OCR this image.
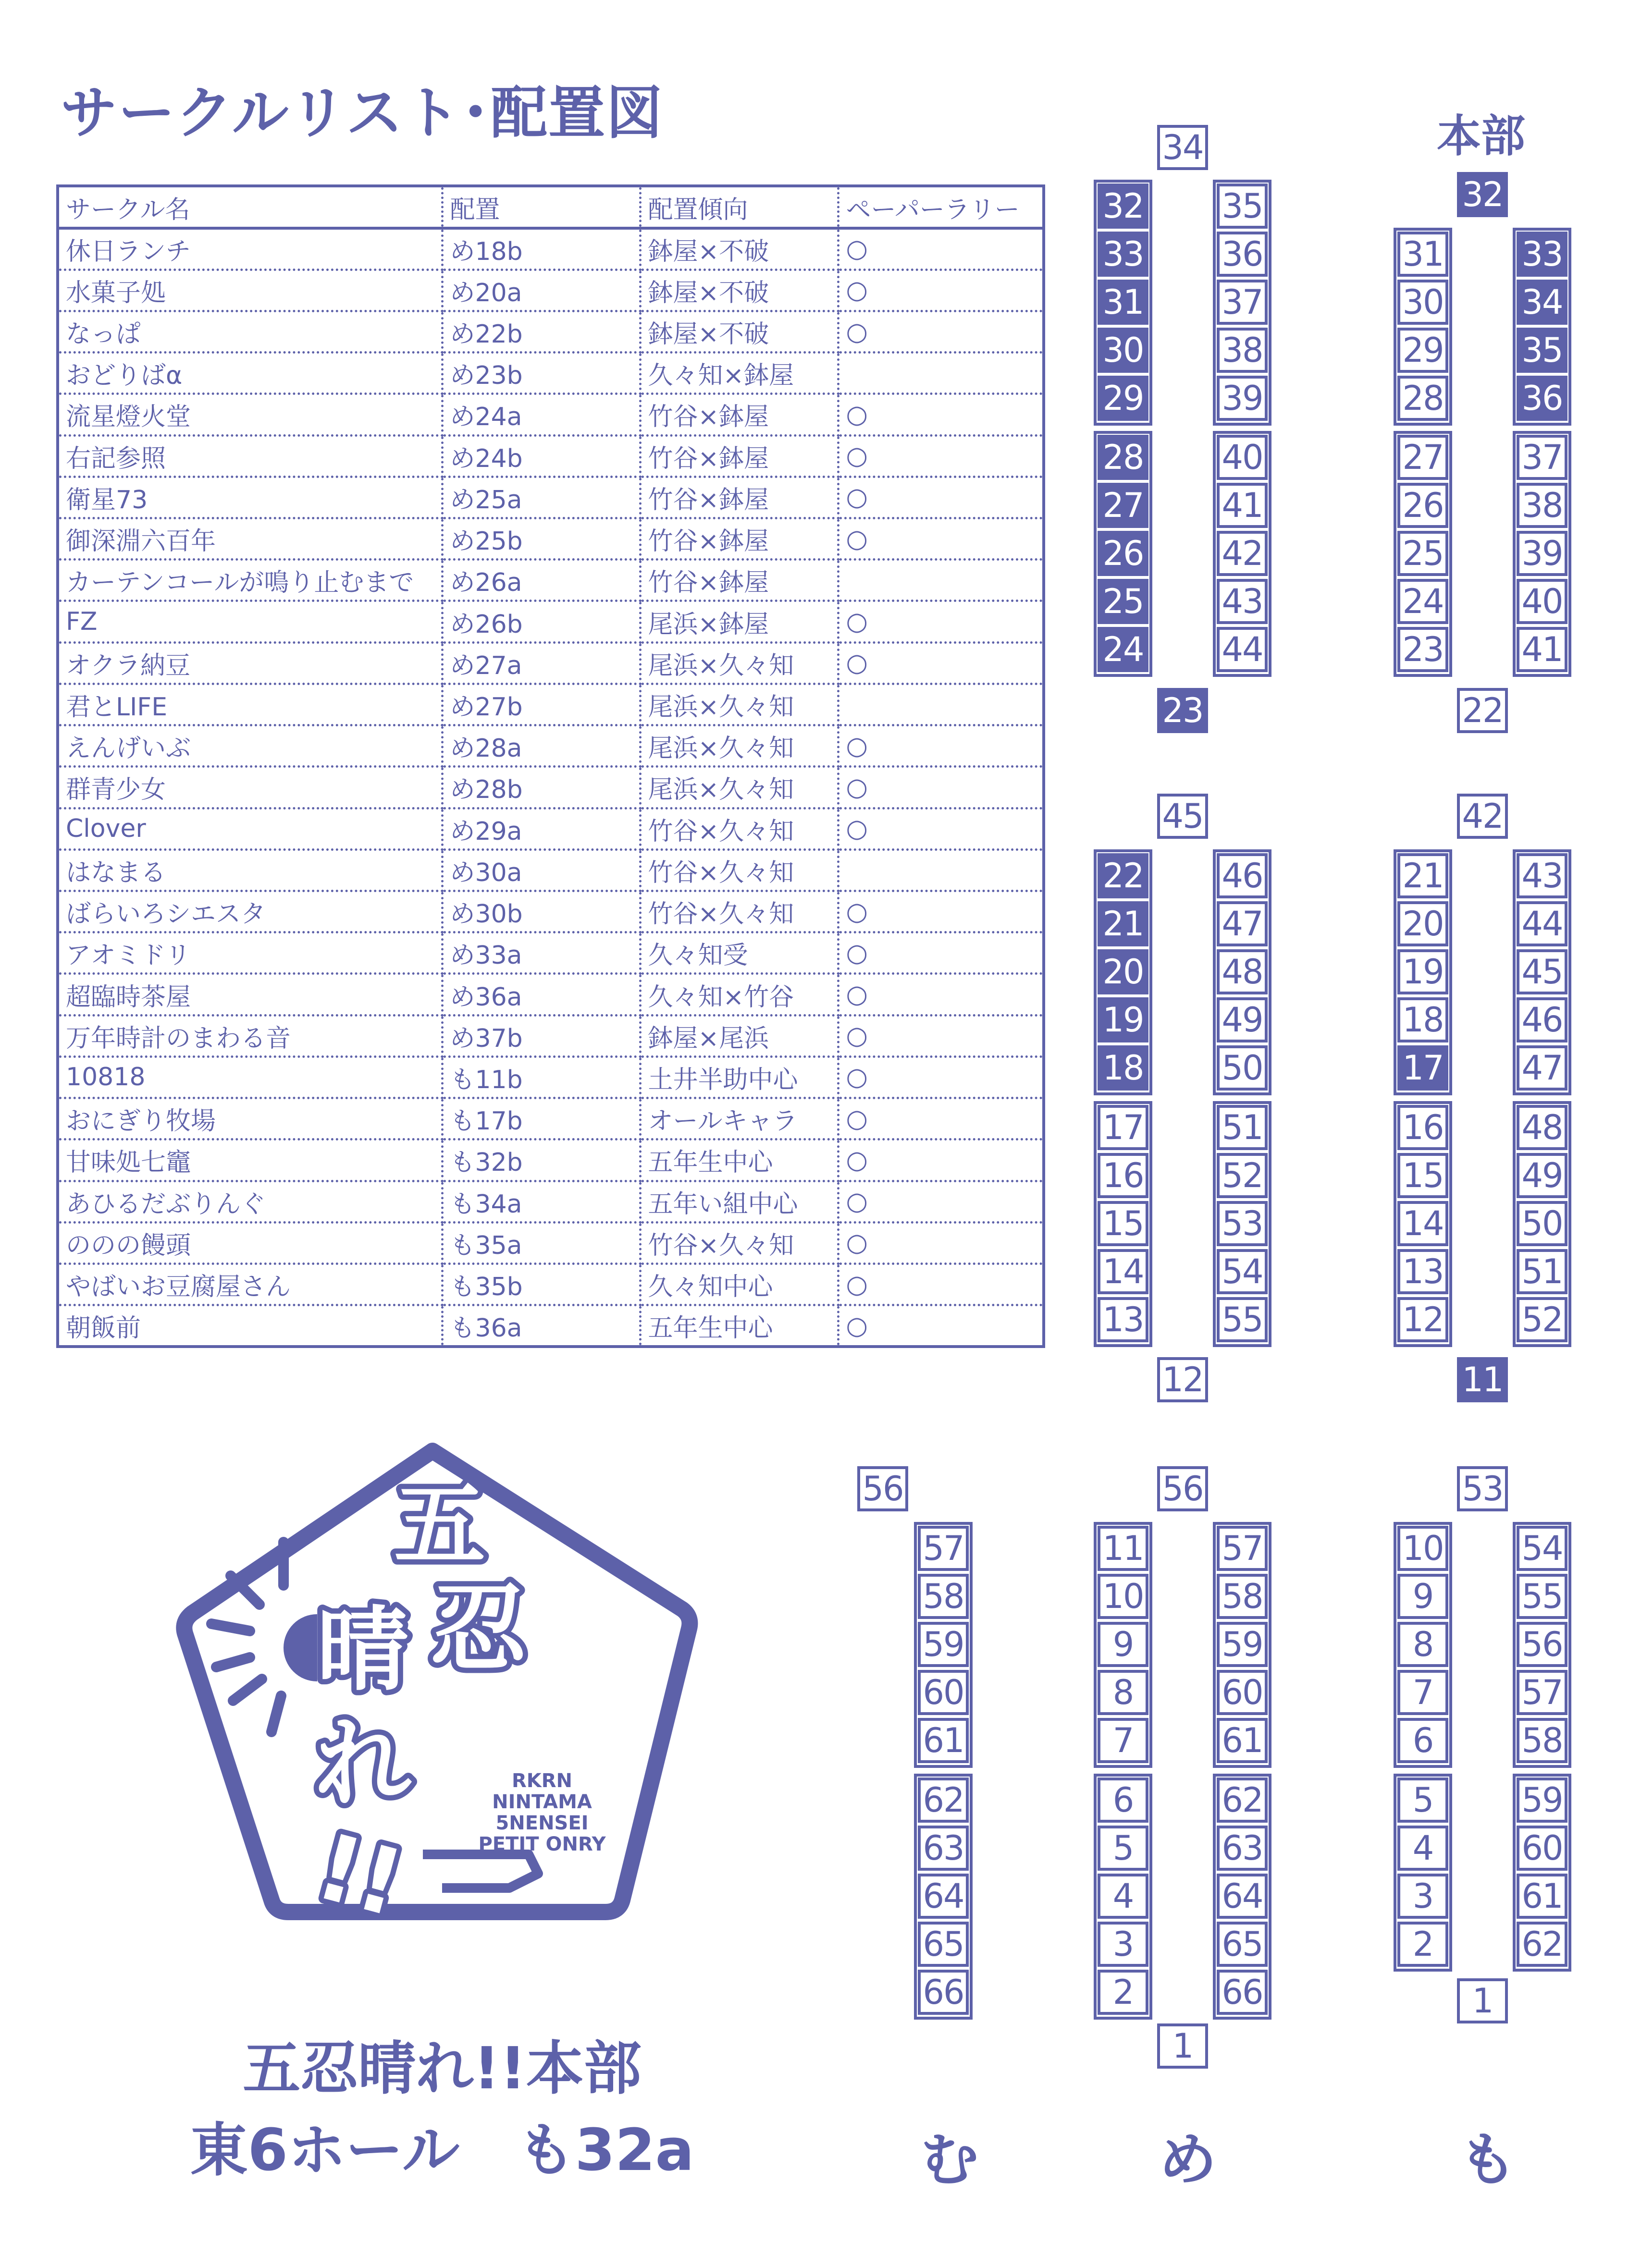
サークルリスト･配置図
サークル名	配置	配置傾向	ペーパーラリー
休日ランチ	め18b	鉢屋×不破	○
水菓子処	め20a	鉢屋×不破	○
なっぱ	め22b	鉢屋×不破	○
おどりばα	め23b	久々知×鉢屋	
流星燈火堂	め24a	竹谷×鉢屋	○
右記参照	め24b	竹谷×鉢屋	○
衛星73	め25a	竹谷×鉢屋	○
御深淵六百年	め25b	竹谷×鉢屋	○
カーテンコールが鳴り止むまで	め26a	竹谷×鉢屋	
FZ	め26b	尾浜×鉢屋	○
オクラ納豆	め27a	尾浜×久々知	○
君とLIFE	め27b	尾浜×久々知	
えんげいぶ	め28a	尾浜×久々知	○
群青少女	め28b	尾浜×久々知	○
Clover	め29a	竹谷×久々知	○
はなまる	め30a	竹谷×久々知	
ばらいろシエスタ	め30b	竹谷×久々知	○
アオミドリ	め33a	久々知受	○
超臨時茶屋	め36a	久々知×竹谷	○
万年時計のまわる音	め37b	鉢屋×尾浜	○
10818	も11b	土井半助中心	○
おにぎり牧場	も17b	オールキャラ	○
甘味処七竈	も32b	五年生中心	○
あひるだぶりんぐ	も34a	五年い組中心	○
ののの饅頭	も35a	竹谷×久々知	○
やばいお豆腐屋さん	も35b	久々知中心	○
朝飯前	も36a	五年生中心	○
本部
32
33
31
30
29
28
27
26
25
24
35
36
37
38
39
40
41
42
43
44
34
23
31
30
29
28
27
26
25
24
23
33
34
35
36
37
38
39
40
41
32
22
22
21
20
19
18
17
16
15
14
13
46
47
48
49
50
51
52
53
54
55
45
12
21
20
19
18
17
16
15
14
13
12
43
44
45
46
47
48
49
50
51
52
42
11
57
58
59
60
61
62
63
64
65
66
56
11
10
9
8
7
6
5
4
3
2
57
58
59
60
61
62
63
64
65
66
56
1
10
9
8
7
6
5
4
3
2
54
55
56
57
58
59
60
61
62
53
1
む	め	も
五
忍
晴
れ
!!
RKRN
NINTAMA
5NENSEI
PETIT ONRY
五忍晴れ!!本部
東6ホール　も32a
